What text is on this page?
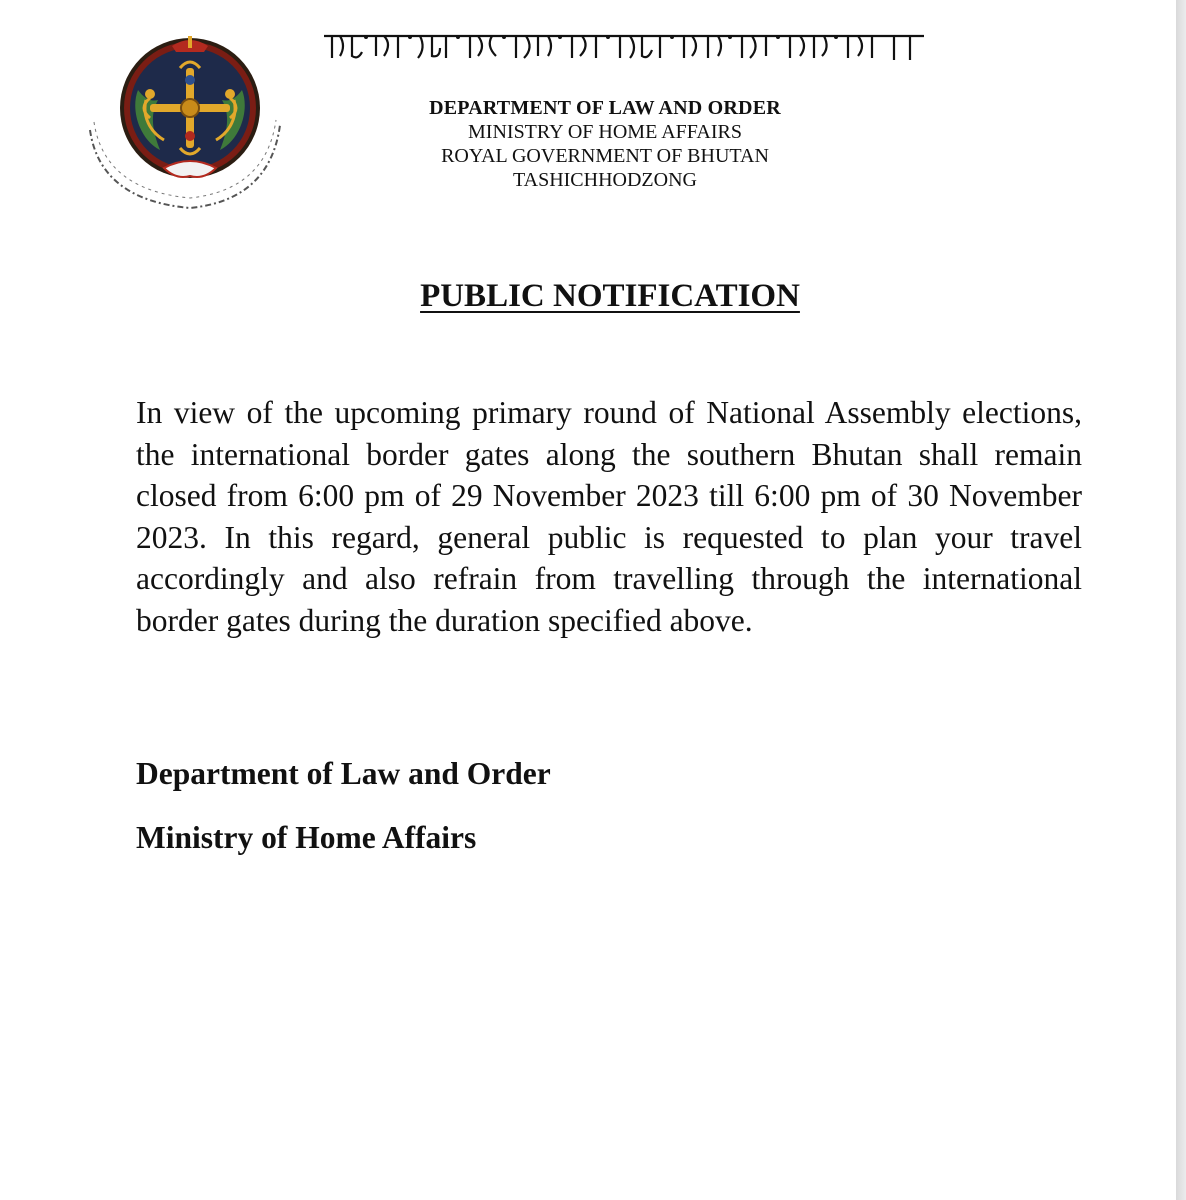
DEPARTMENT OF LAW AND ORDER
MINISTRY OF HOME AFFAIRS
ROYAL GOVERNMENT OF BHUTAN
TASHICHHODZONG
PUBLIC NOTIFICATION
In view of the upcoming primary round of National Assembly elections, the international border gates along the southern Bhutan shall remain closed from 6:00 pm of 29 November 2023 till 6:00 pm of 30 November 2023. In this regard, general public is requested to plan your travel accordingly and also refrain from travelling through the international border gates during the duration specified above.
Department of Law and Order
Ministry of Home Affairs
